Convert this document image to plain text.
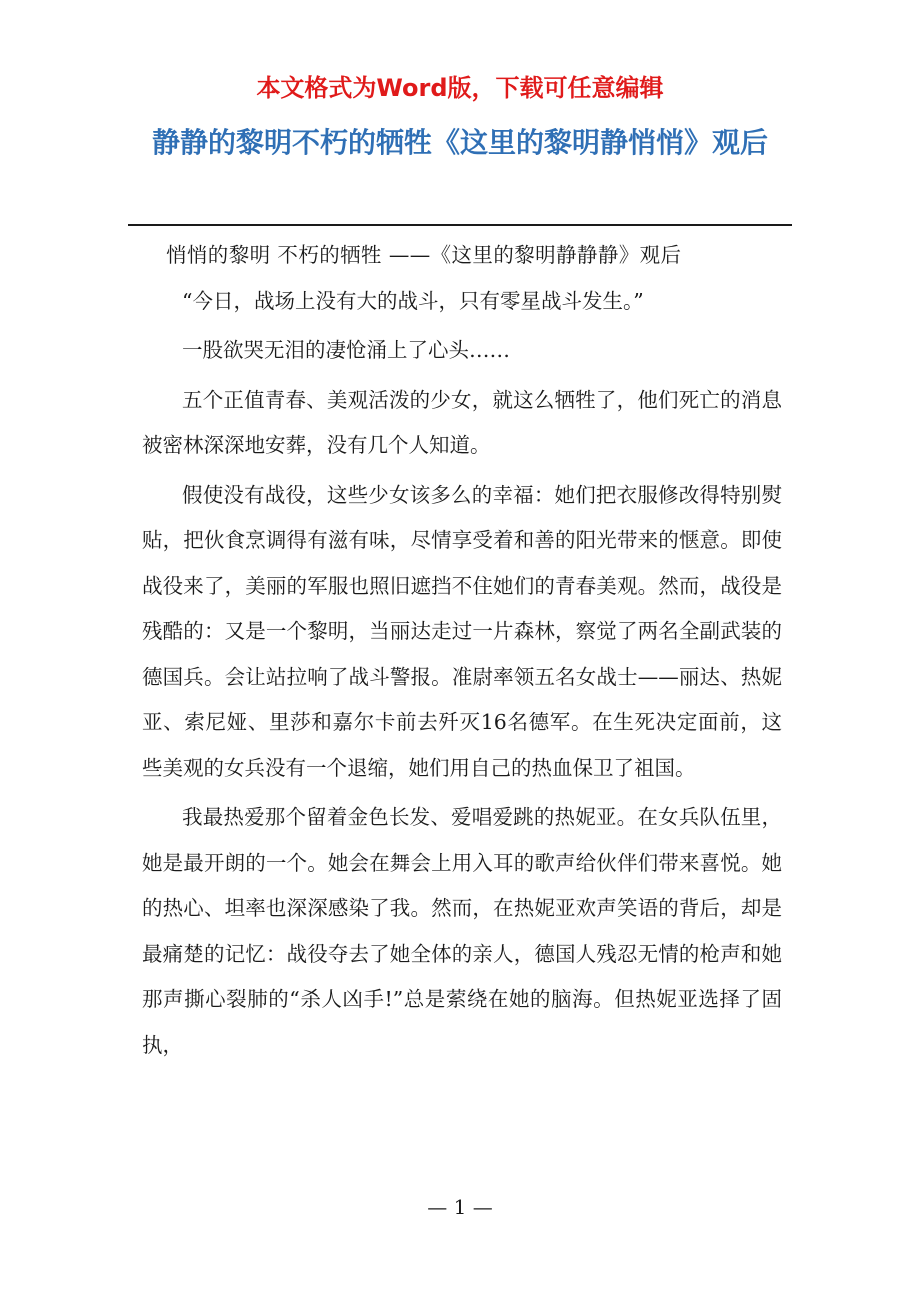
本文格式为Word版，下载可任意编辑
静静的黎明不朽的牺牲《这里的黎明静悄悄》观后

悄悄的黎明 不朽的牺牲 ——《这里的黎明静静静》观后

“今日，战场上没有大的战斗，只有零星战斗发生。”

一股欲哭无泪的凄怆涌上了心头……

五个正值青春、美观活泼的少女，就这么牺牲了，他们死亡的消息被密林深深地安葬，没有几个人知道。

假使没有战役，这些少女该多么的幸福：她们把衣服修改得特别熨贴，把伙食烹调得有滋有味，尽情享受着和善的阳光带来的惬意。即使战役来了，美丽的军服也照旧遮挡不住她们的青春美观。然而，战役是残酷的：又是一个黎明，当丽达走过一片森林，察觉了两名全副武装的德国兵。会让站拉响了战斗警报。准尉率领五名女战士——丽达、热妮亚、索尼娅、里莎和嘉尔卡前去歼灭16名德军。在生死决定面前，这些美观的女兵没有一个退缩，她们用自己的热血保卫了祖国。

我最热爱那个留着金色长发、爱唱爱跳的热妮亚。在女兵队伍里，她是最开朗的一个。她会在舞会上用入耳的歌声给伙伴们带来喜悦。她的热心、坦率也深深感染了我。然而，在热妮亚欢声笑语的背后，却是最痛楚的记忆：战役夺去了她全体的亲人，德国人残忍无情的枪声和她那声撕心裂肺的“杀人凶手!”总是萦绕在她的脑海。但热妮亚选择了固执，

— 1 —
